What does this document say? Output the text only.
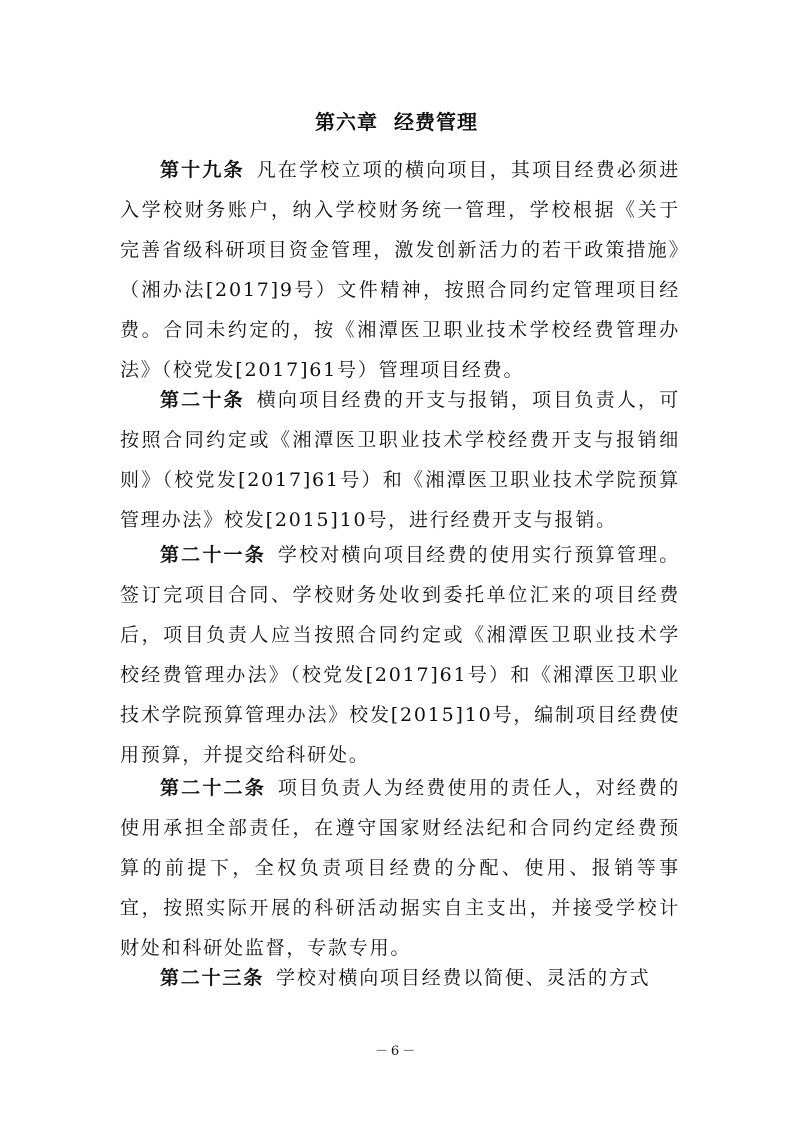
第六章  经费管理

第十九条 凡在学校立项的横向项目，其项目经费必须进入学校财务账户，纳入学校财务统一管理，学校根据《关于完善省级科研项目资金管理，激发创新活力的若干政策措施》（湘办法[2017]9号）文件精神，按照合同约定管理项目经费。合同未约定的，按《湘潭医卫职业技术学校经费管理办法》（校党发[2017]61号）管理项目经费。

第二十条 横向项目经费的开支与报销，项目负责人，可按照合同约定或《湘潭医卫职业技术学校经费开支与报销细则》（校党发[2017]61号）和《湘潭医卫职业技术学院预算管理办法》校发[2015]10号，进行经费开支与报销。

第二十一条 学校对横向项目经费的使用实行预算管理。签订完项目合同、学校财务处收到委托单位汇来的项目经费后，项目负责人应当按照合同约定或《湘潭医卫职业技术学校经费管理办法》（校党发[2017]61号）和《湘潭医卫职业技术学院预算管理办法》校发[2015]10号，编制项目经费使用预算，并提交给科研处。

第二十二条 项目负责人为经费使用的责任人，对经费的使用承担全部责任，在遵守国家财经法纪和合同约定经费预算的前提下，全权负责项目经费的分配、使用、报销等事宜，按照实际开展的科研活动据实自主支出，并接受学校计财处和科研处监督，专款专用。

第二十三条 学校对横向项目经费以简便、灵活的方式

－6－
